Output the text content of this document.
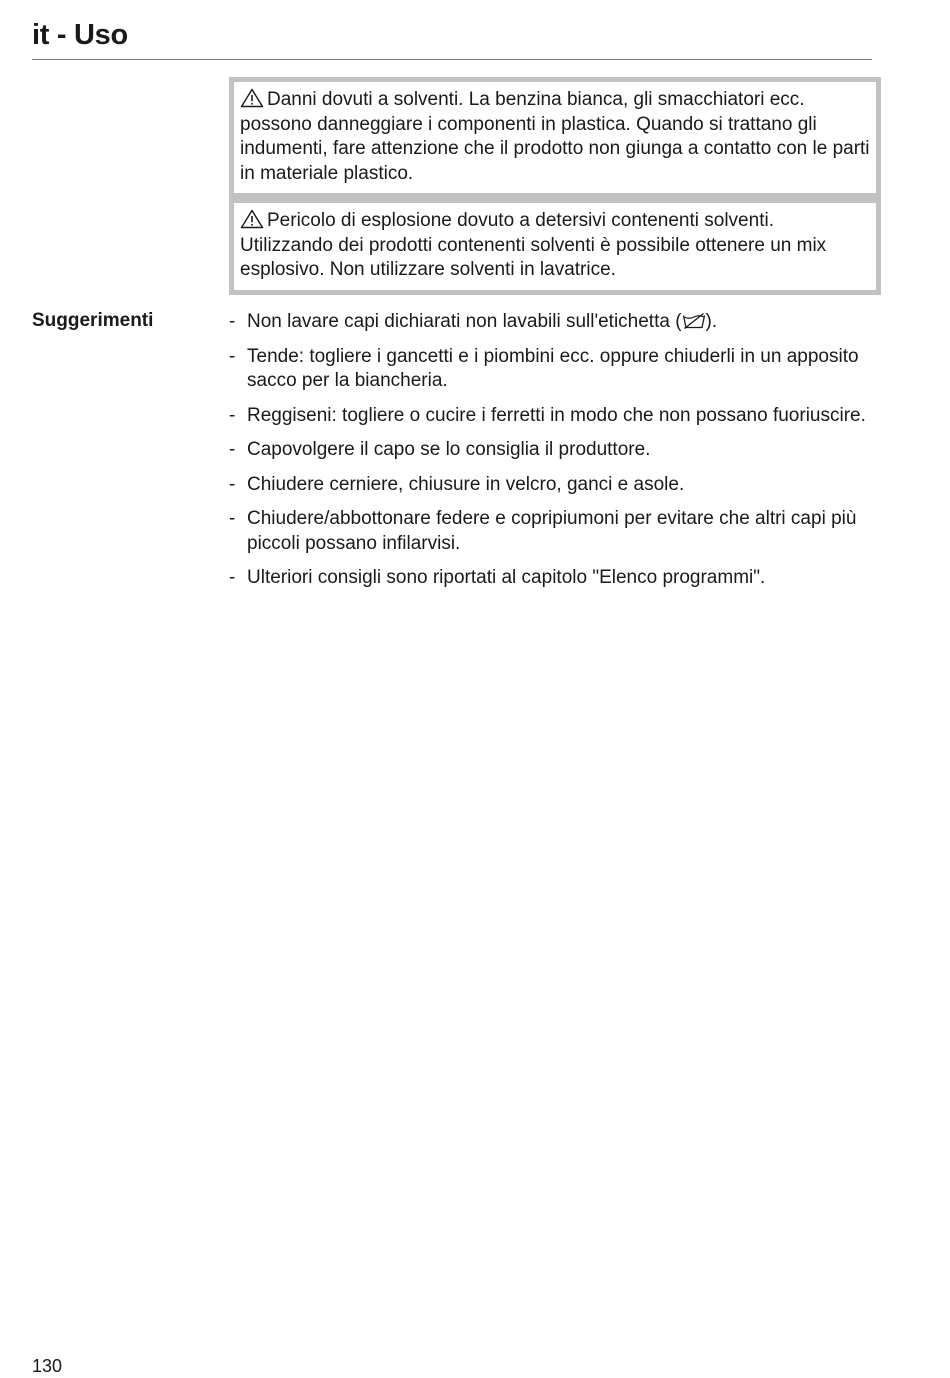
it - Uso
Danni dovuti a solventi. La benzina bianca, gli smacchiatori ecc. possono danneggiare i componenti in plastica. Quando si trattano gli indumenti, fare attenzione che il prodotto non giunga a contatto con le parti in materiale plastico.
Pericolo di esplosione dovuto a detersivi contenenti solventi. Utilizzando dei prodotti contenenti solventi è possibile ottenere un mix esplosivo. Non utilizzare solventi in lavatrice.
Suggerimenti
-	Non lavare capi dichiarati non lavabili sull'etichetta ( ).
- Tende: togliere i gancetti e i piombini ecc. oppure chiuderli in un apposito sacco per la biancheria.
- Reggiseni: togliere o cucire i ferretti in modo che non possano fuoriuscire.
- Capovolgere il capo se lo consiglia il produttore.
- Chiudere cerniere, chiusure in velcro, ganci e asole.
- Chiudere/abbottonare federe e copripiumoni per evitare che altri capi più piccoli possano infilarvisi.
- Ulteriori consigli sono riportati al capitolo "Elenco programmi".
130
